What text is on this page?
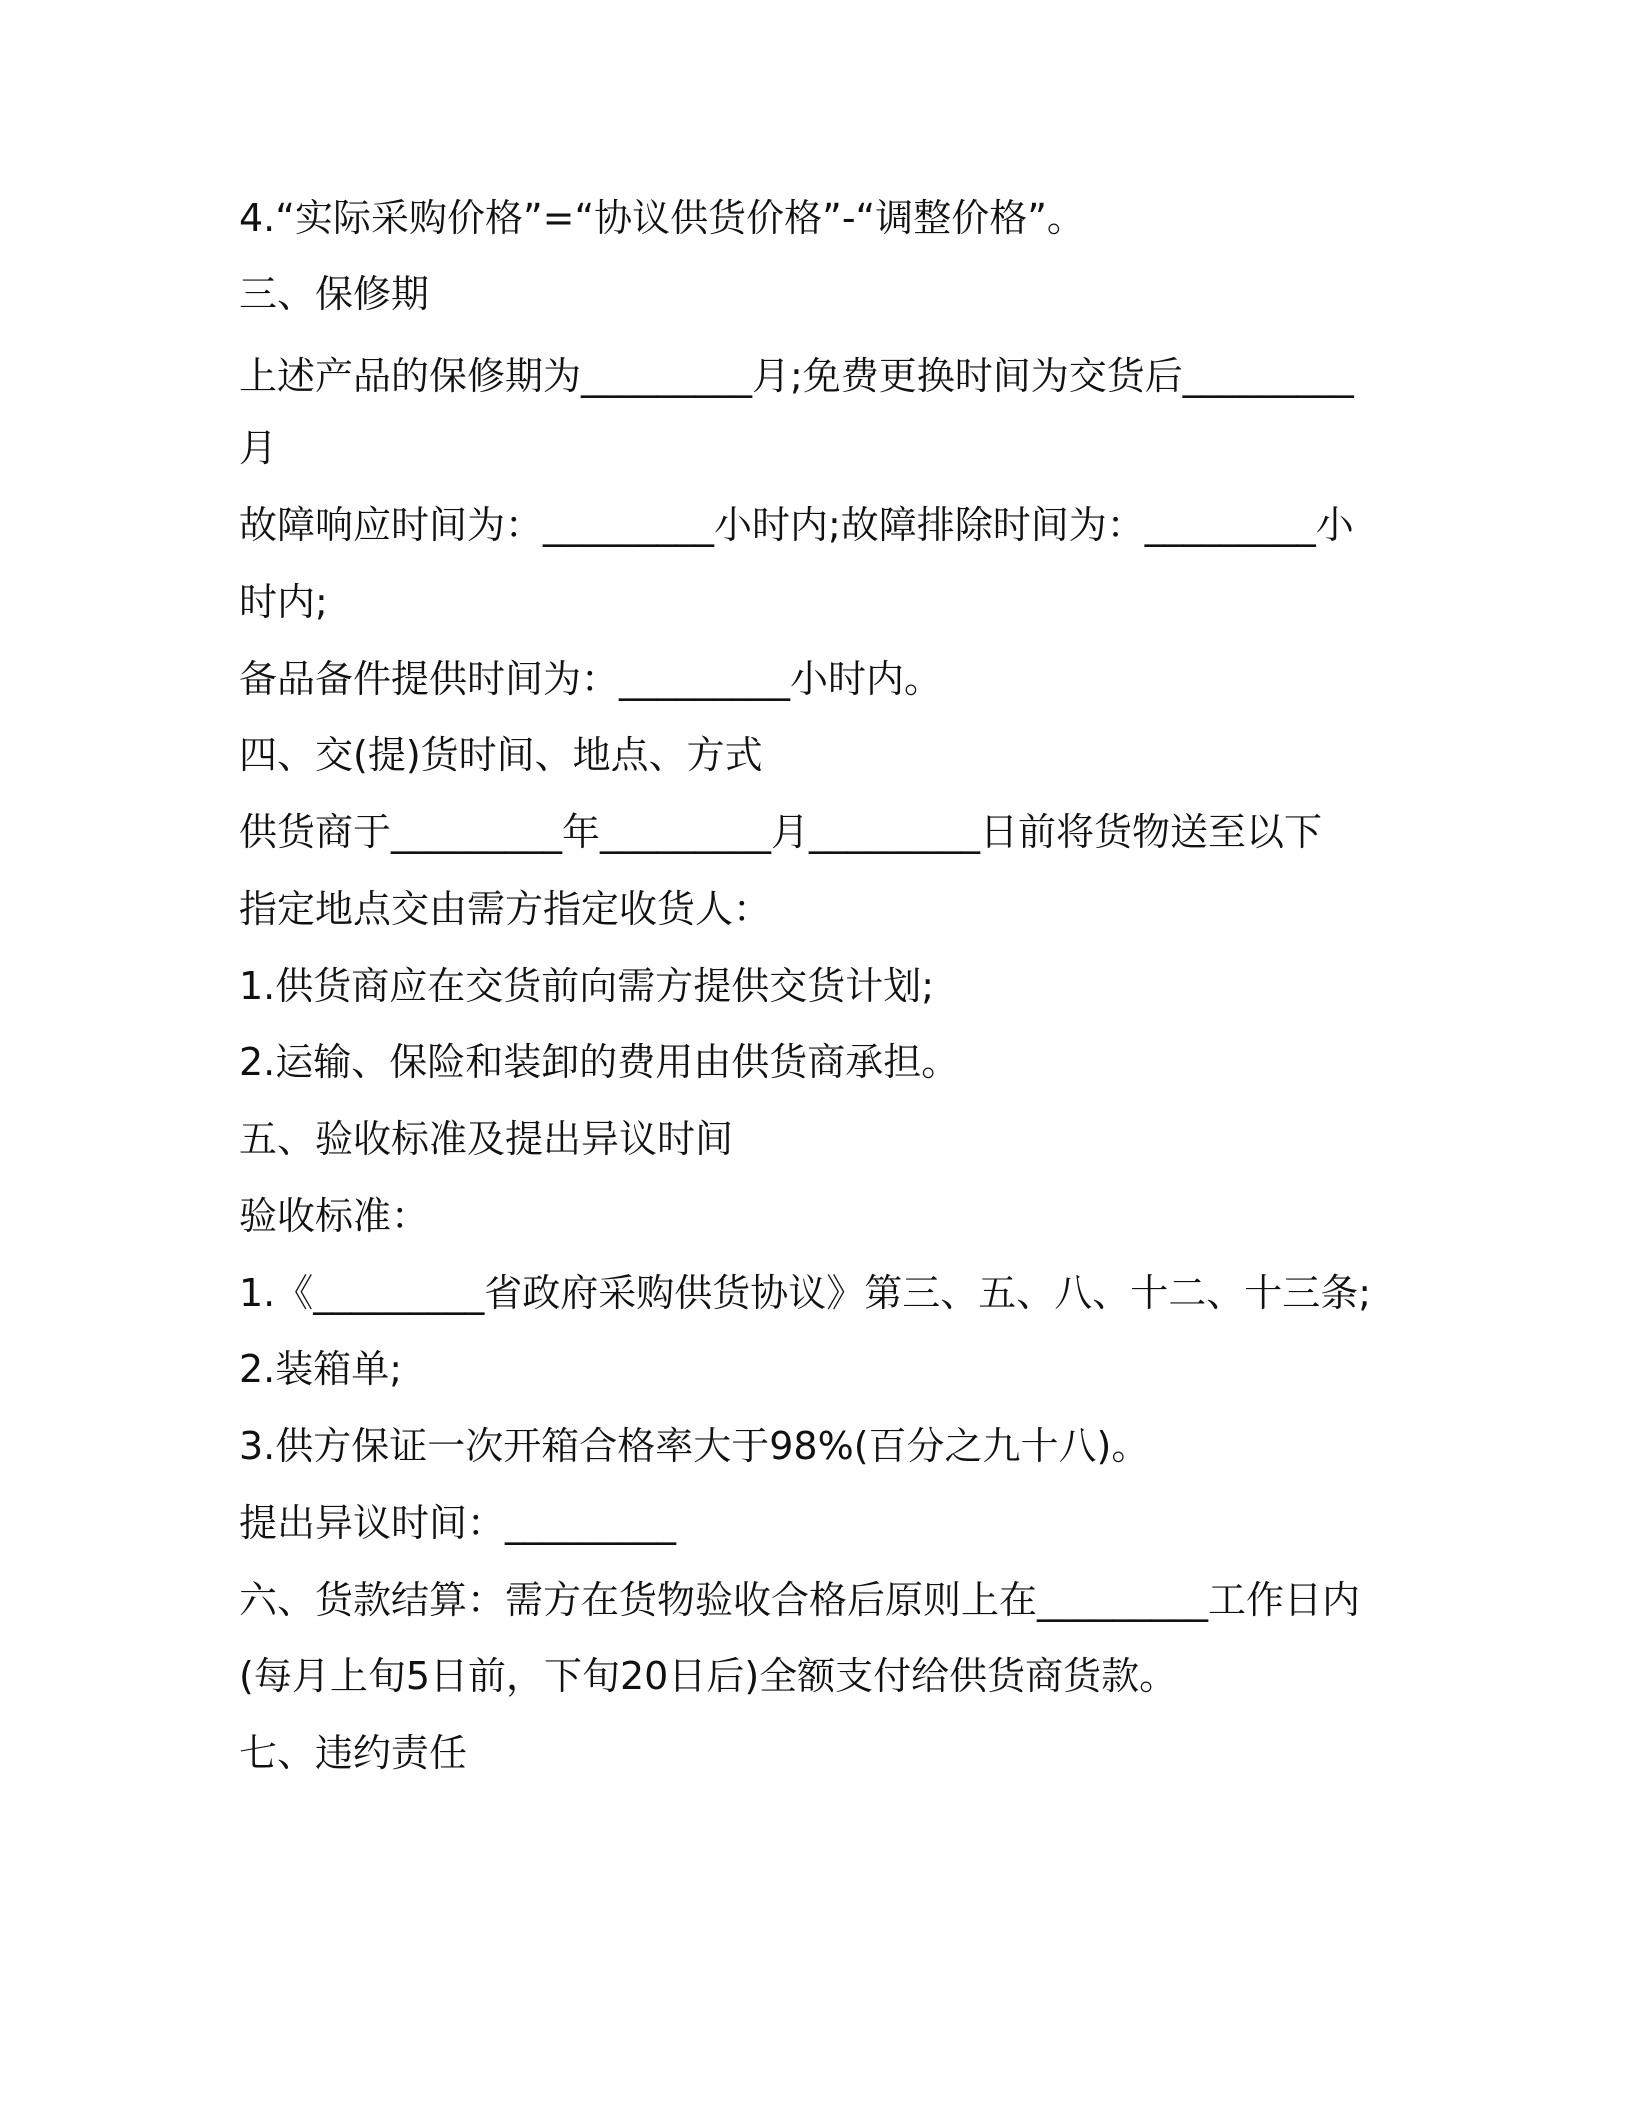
4.“实际采购价格”=“协议供货价格”-“调整价格”。
三、保修期
上述产品的保修期为_________月;免费更换时间为交货后_________
月
故障响应时间为：_________小时内;故障排除时间为：_________小
时内;
备品备件提供时间为：_________小时内。
四、交(提)货时间、地点、方式
供货商于_________年_________月_________日前将货物送至以下
指定地点交由需方指定收货人：
1.供货商应在交货前向需方提供交货计划;
2.运输、保险和装卸的费用由供货商承担。
五、验收标准及提出异议时间
验收标准：
1.《_________省政府采购供货协议》第三、五、八、十二、十三条;
2.装箱单;
3.供方保证一次开箱合格率大于98%(百分之九十八)。
提出异议时间：_________
六、货款结算：需方在货物验收合格后原则上在_________工作日内
(每月上旬5日前，下旬20日后)全额支付给供货商货款。
七、违约责任
